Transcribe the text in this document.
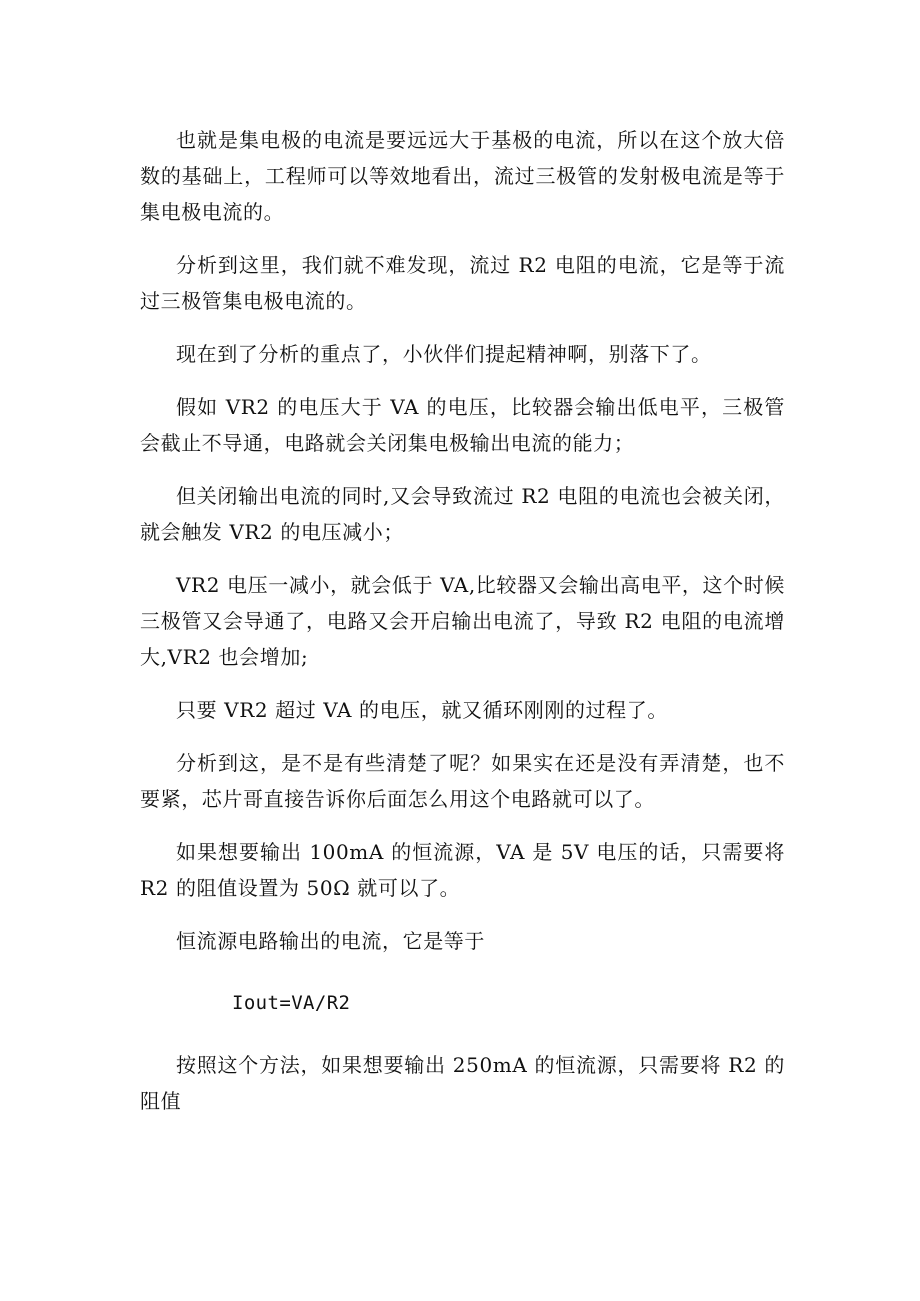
也就是集电极的电流是要远远大于基极的电流，所以在这个放大倍数的基础上，工程师可以等效地看出，流过三极管的发射极电流是等于集电极电流的。

分析到这里，我们就不难发现，流过 R2 电阻的电流，它是等于流过三极管集电极电流的。

现在到了分析的重点了，小伙伴们提起精神啊，别落下了。

假如 VR2 的电压大于 VA 的电压，比较器会输出低电平，三极管会截止不导通，电路就会关闭集电极输出电流的能力；

但关闭输出电流的同时,又会导致流过 R2 电阻的电流也会被关闭，就会触发 VR2 的电压减小；

VR2 电压一减小，就会低于 VA,比较器又会输出高电平，这个时候三极管又会导通了，电路又会开启输出电流了，导致 R2 电阻的电流增大,VR2 也会增加;

只要 VR2 超过 VA 的电压，就又循环刚刚的过程了。

分析到这，是不是有些清楚了呢？如果实在还是没有弄清楚，也不要紧，芯片哥直接告诉你后面怎么用这个电路就可以了。

如果想要输出 100mA 的恒流源，VA 是 5V 电压的话，只需要将 R2 的阻值设置为 50Ω 就可以了。

恒流源电路输出的电流，它是等于

Iout=VA/R2

按照这个方法，如果想要输出 250mA 的恒流源，只需要将 R2 的阻值
